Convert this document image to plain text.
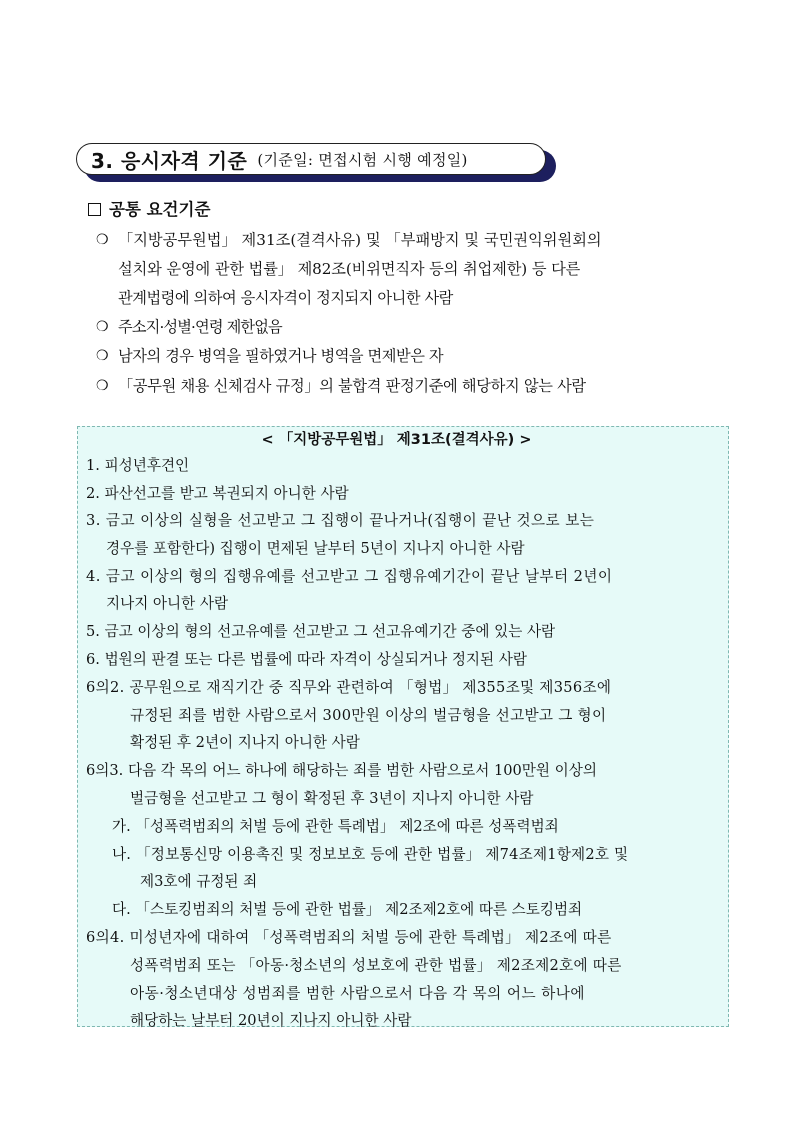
3. 응시자격 기준 (기준일: 면접시험 시행 예정일)
공통 요건기준
❍ 「지방공무원법」 제31조(결격사유) 및 「부패방지 및 국민권익위원회의
설치와 운영에 관한 법률」 제82조(비위면직자 등의 취업제한) 등 다른
관계법령에 의하여 응시자격이 정지되지 아니한 사람
❍ 주소지·성별·연령 제한없음
❍ 남자의 경우 병역을 필하였거나 병역을 면제받은 자
❍ 「공무원 채용 신체검사 규정」의 불합격 판정기준에 해당하지 않는 사람
< 「지방공무원법」 제31조(결격사유) >
1. 피성년후견인
2. 파산선고를 받고 복권되지 아니한 사람
3. 금고 이상의 실형을 선고받고 그 집행이 끝나거나(집행이 끝난 것으로 보는
경우를 포함한다) 집행이 면제된 날부터 5년이 지나지 아니한 사람
4. 금고 이상의 형의 집행유예를 선고받고 그 집행유예기간이 끝난 날부터 2년이
지나지 아니한 사람
5. 금고 이상의 형의 선고유예를 선고받고 그 선고유예기간 중에 있는 사람
6. 법원의 판결 또는 다른 법률에 따라 자격이 상실되거나 정지된 사람
6의2. 공무원으로 재직기간 중 직무와 관련하여 「형법」 제355조및 제356조에
규정된 죄를 범한 사람으로서 300만원 이상의 벌금형을 선고받고 그 형이
확정된 후 2년이 지나지 아니한 사람
6의3. 다음 각 목의 어느 하나에 해당하는 죄를 범한 사람으로서 100만원 이상의
벌금형을 선고받고 그 형이 확정된 후 3년이 지나지 아니한 사람
가. 「성폭력범죄의 처벌 등에 관한 특례법」 제2조에 따른 성폭력범죄
나. 「정보통신망 이용촉진 및 정보보호 등에 관한 법률」 제74조제1항제2호 및
제3호에 규정된 죄
다. 「스토킹범죄의 처벌 등에 관한 법률」 제2조제2호에 따른 스토킹범죄
6의4. 미성년자에 대하여 「성폭력범죄의 처벌 등에 관한 특례법」 제2조에 따른
성폭력범죄 또는 「아동·청소년의 성보호에 관한 법률」 제2조제2호에 따른
아동·청소년대상 성범죄를 범한 사람으로서 다음 각 목의 어느 하나에
해당하는 날부터 20년이 지나지 아니한 사람
